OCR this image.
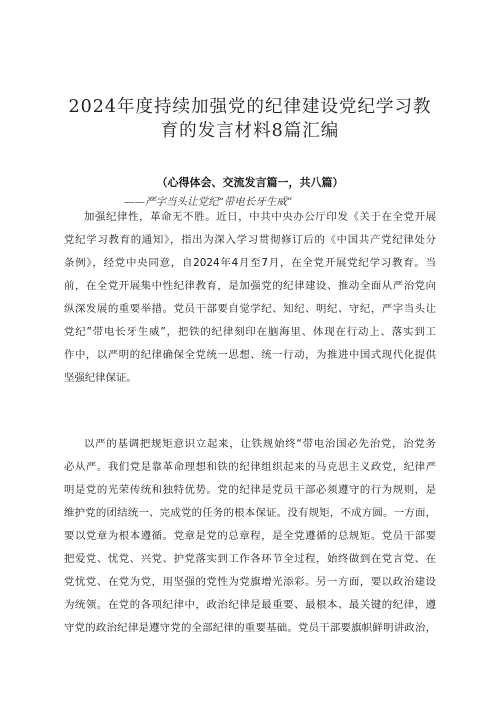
2024年度持续加强党的纪律建设党纪学习教
育的发言材料8篇汇编
（心得体会、交流发言篇一，共八篇）
——严字当头让党纪“带电长牙生威”
加强纪律性，革命无不胜。近日，中共中央办公厅印发《关于在全党开展
党纪学习教育的通知》，指出为深入学习贯彻修订后的《中国共产党纪律处分
条例》，经党中央同意，自2024年4月至7月，在全党开展党纪学习教育。当
前，在全党开展集中性纪律教育，是加强党的纪律建设、推动全面从严治党向
纵深发展的重要举措。党员干部要自觉学纪、知纪、明纪、守纪，严字当头让
党纪”带电长牙生威”，把铁的纪律刻印在脑海里、体现在行动上、落实到工
作中，以严明的纪律确保全党统一思想、统一行动，为推进中国式现代化提供
坚强纪律保证。
以严的基调把规矩意识立起来，让铁规始终“带电治国必先治党，治党务
必从严。我们党是靠革命理想和铁的纪律组织起来的马克思主义政党，纪律严
明是党的光荣传统和独特优势。党的纪律是党员干部必须遵守的行为规则，是
维护党的团结统一、完成党的任务的根本保证。没有规矩，不成方圆。一方面，
要以党章为根本遵循。党章是党的总章程，是全党遵循的总规矩。党员干部要
把爱党、忧党、兴党、护党落实到工作各环节全过程，始终做到在党言党、在
党忧党、在党为党，用坚强的党性为党旗增光添彩。另一方面，要以政治建设
为统领。在党的各项纪律中，政治纪律是最重要、最根本、最关键的纪律，遵
守党的政治纪律是遵守党的全部纪律的重要基础。党员干部要旗帜鲜明讲政治，
